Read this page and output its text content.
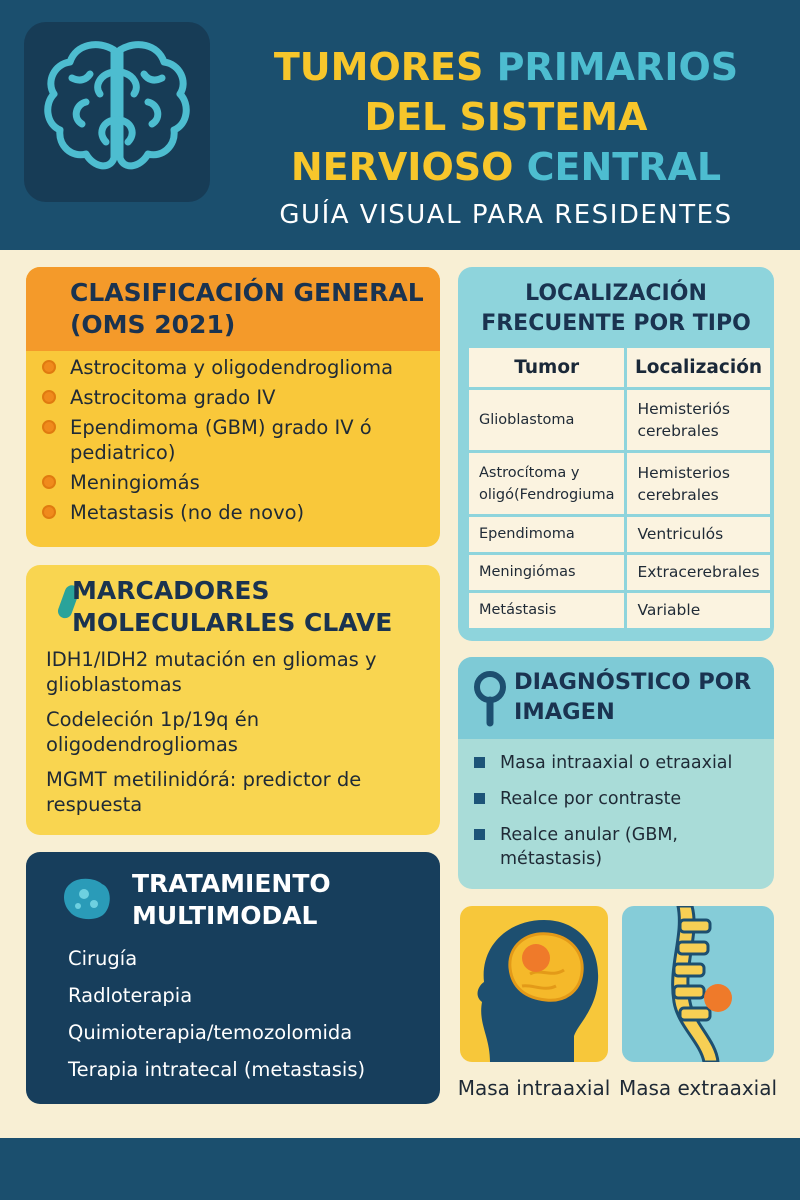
TUMORES PRIMARIOS
DEL SISTEMA
NERVIOSO CENTRAL
GUÍA VISUAL PARA RESIDENTES
CLASIFICACIÓN GENERAL (OMS 2021)
Astrocitoma y oligodendroglioma
Astrocitoma grado IV
Ependimoma (GBM) grado IV ó pediatrico)
Meningiomás
Metastasis (no de novo)
MARCADORES MOLECULARLES CLAVE
IDH1/IDH2 mutación en gliomas y glioblastomas
Codeleción 1p/19q én oligodendrogliomas
MGMT metilinidórá: predictor de respuesta
TRATAMIENTO MULTIMODAL
Cirugía
Radloterapia
Quimioterapia/temozolomida
Terapia intratecal (metastasis)
LOCALIZACIÓN FRECUENTE POR TIPO
Tumor	Localización
Glioblastoma	Hemisteriós cerebrales
Astrocítoma y oligó(Fendrogiuma	Hemisterios cerebrales
Ependimoma	Ventriculós
Meningiómas	Extracerebrales
Metástasis	Variable
DIAGNÓSTICO POR IMAGEN
Masa intraaxial o etraaxial
Realce por contraste
Realce anular (GBM, métastasis)
Masa intraaxial Masa extraaxial
